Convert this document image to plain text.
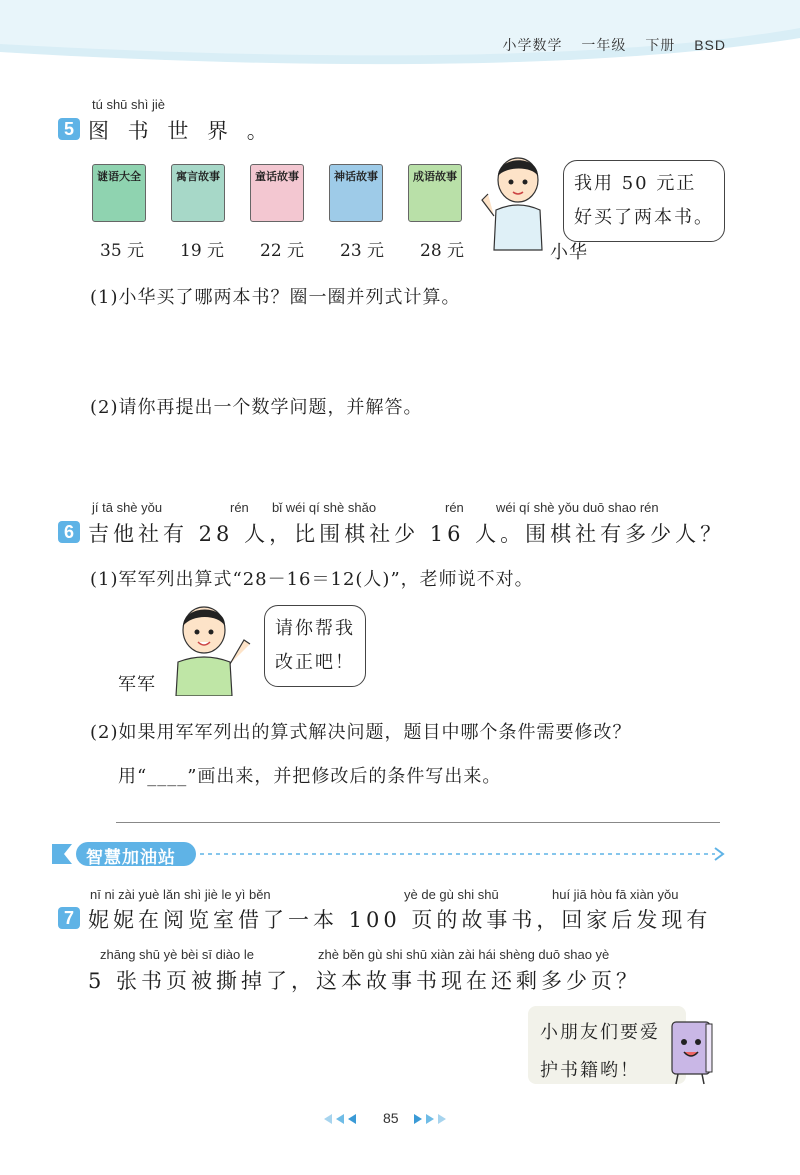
小学数学 一年级 下册 BSD
tú shū shì jiè
5 图 书 世 界 。
谜语大全	寓言故事	童话故事	神话故事	成语故事
35 元 19 元 22 元 23 元 28 元
我用 50 元正
好买了两本书。
小华
(1)小华买了哪两本书？圈一圈并列式计算。
(2)请你再提出一个数学问题，并解答。
jí tā shè yǒu	rén bǐ wéi qí shè shǎo	rén wéi qí shè yǒu duō shao rén
6 吉他社有 28 人，比围棋社少 16 人。围棋社有多少人？
(1)军军列出算式“28－16＝12(人)”，老师说不对。
军军
请你帮我
改正吧！
(2)如果用军军列出的算式解决问题，题目中哪个条件需要修改？
用“____”画出来，并把修改后的条件写出来。
智慧加油站
nī ni zài yuè lǎn shì jiè le yì běn	yè de gù shi shū	huí jiā hòu fā xiàn yǒu
7 妮妮在阅览室借了一本 100 页的故事书，回家后发现有
zhāng shū yè bèi sī diào le	zhè běn gù shi shū xiàn zài hái shèng duō shao yè
5 张书页被撕掉了，这本故事书现在还剩多少页？
小朋友们要爱
护书籍哟！
85
